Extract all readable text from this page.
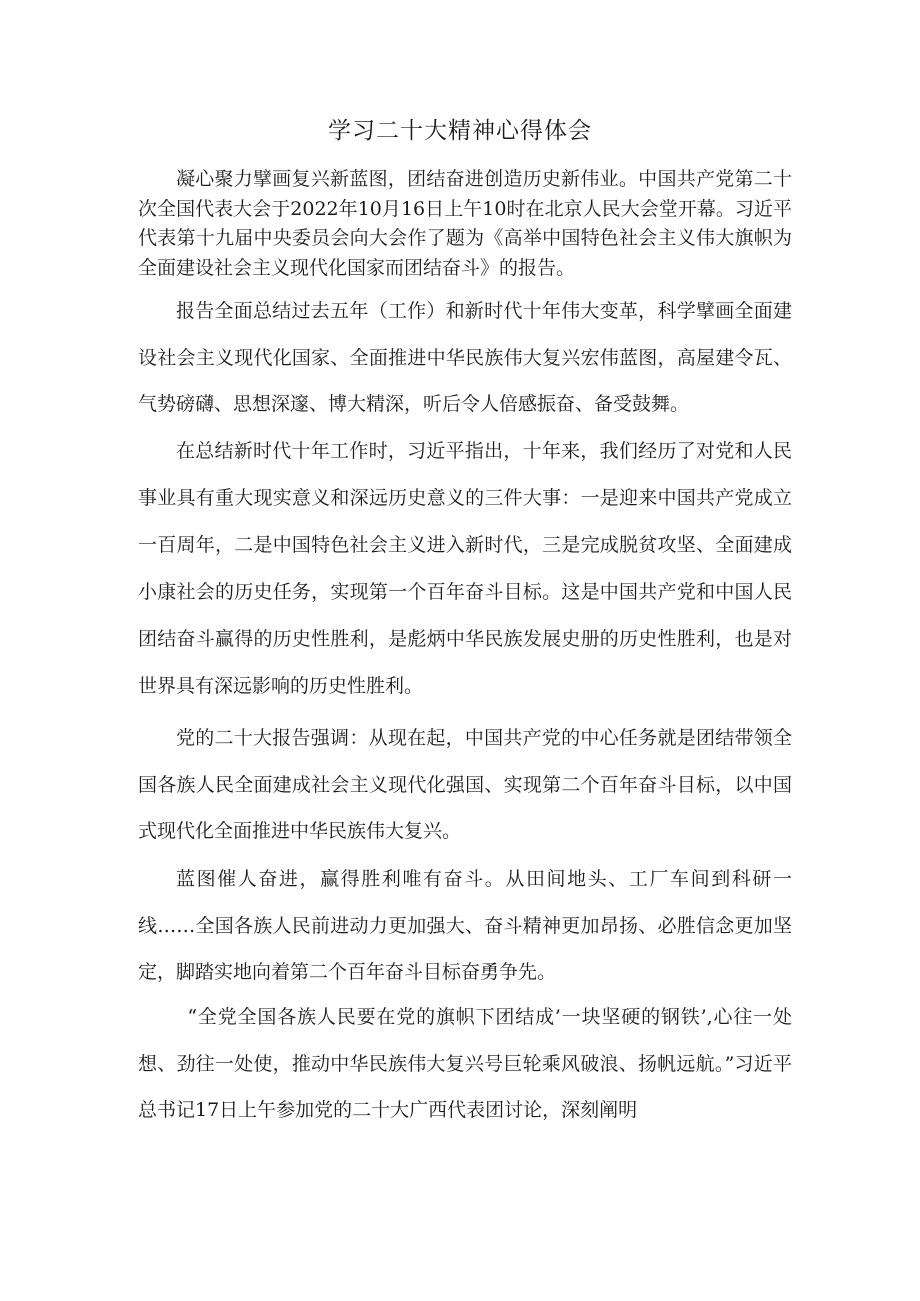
学习二十大精神心得体会

凝心聚力擘画复兴新蓝图，团结奋进创造历史新伟业。中国共产党第二十次全国代表大会于2022年10月16日上午10时在北京人民大会堂开幕。习近平代表第十九届中央委员会向大会作了题为《高举中国特色社会主义伟大旗帜为全面建设社会主义现代化国家而团结奋斗》的报告。

报告全面总结过去五年（工作）和新时代十年伟大变革，科学擘画全面建设社会主义现代化国家、全面推进中华民族伟大复兴宏伟蓝图，高屋建令瓦、气势磅礴、思想深邃、博大精深，听后令人倍感振奋、备受鼓舞。

在总结新时代十年工作时，习近平指出，十年来，我们经历了对党和人民事业具有重大现实意义和深远历史意义的三件大事：一是迎来中国共产党成立一百周年，二是中国特色社会主义进入新时代，三是完成脱贫攻坚、全面建成小康社会的历史任务，实现第一个百年奋斗目标。这是中国共产党和中国人民团结奋斗赢得的历史性胜利，是彪炳中华民族发展史册的历史性胜利，也是对世界具有深远影响的历史性胜利。

党的二十大报告强调：从现在起，中国共产党的中心任务就是团结带领全国各族人民全面建成社会主义现代化强国、实现第二个百年奋斗目标，以中国式现代化全面推进中华民族伟大复兴。

蓝图催人奋进，赢得胜利唯有奋斗。从田间地头、工厂车间到科研一线……全国各族人民前进动力更加强大、奋斗精神更加昂扬、必胜信念更加坚定，脚踏实地向着第二个百年奋斗目标奋勇争先。

“全党全国各族人民要在党的旗帜下团结成’一块坚硬的钢铁’,心往一处想、劲往一处使，推动中华民族伟大复兴号巨轮乘风破浪、扬帆远航。”习近平总书记17日上午参加党的二十大广西代表团讨论，深刻阐明
